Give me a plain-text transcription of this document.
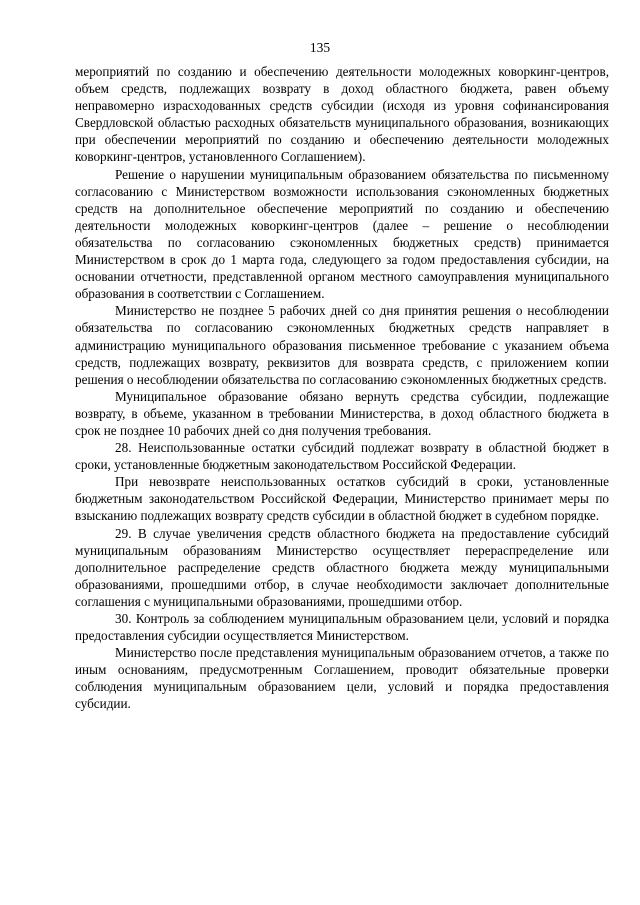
135

мероприятий по созданию и обеспечению деятельности молодежных коворкинг-центров, объем средств, подлежащих возврату в доход областного бюджета, равен объему неправомерно израсходованных средств субсидии (исходя из уровня софинансирования Свердловской областью расходных обязательств муниципального образования, возникающих при обеспечении мероприятий по созданию и обеспечению деятельности молодежных коворкинг-центров, установленного Соглашением).

Решение о нарушении муниципальным образованием обязательства по письменному согласованию с Министерством возможности использования сэкономленных бюджетных средств на дополнительное обеспечение мероприятий по созданию и обеспечению деятельности молодежных коворкинг-центров (далее – решение о несоблюдении обязательства по согласованию сэкономленных бюджетных средств) принимается Министерством в срок до 1 марта года, следующего за годом предоставления субсидии, на основании отчетности, представленной органом местного самоуправления муниципального образования в соответствии с Соглашением.

Министерство не позднее 5 рабочих дней со дня принятия решения о несоблюдении обязательства по согласованию сэкономленных бюджетных средств направляет в администрацию муниципального образования письменное требование с указанием объема средств, подлежащих возврату, реквизитов для возврата средств, с приложением копии решения о несоблюдении обязательства по согласованию сэкономленных бюджетных средств.

Муниципальное образование обязано вернуть средства субсидии, подлежащие возврату, в объеме, указанном в требовании Министерства, в доход областного бюджета в срок не позднее 10 рабочих дней со дня получения требования.

28. Неиспользованные остатки субсидий подлежат возврату в областной бюджет в сроки, установленные бюджетным законодательством Российской Федерации.

При невозврате неиспользованных остатков субсидий в сроки, установленные бюджетным законодательством Российской Федерации, Министерство принимает меры по взысканию подлежащих возврату средств субсидии в областной бюджет в судебном порядке.

29. В случае увеличения средств областного бюджета на предоставление субсидий муниципальным образованиям Министерство осуществляет перераспределение или дополнительное распределение средств областного бюджета между муниципальными образованиями, прошедшими отбор, в случае необходимости заключает дополнительные соглашения с муниципальными образованиями, прошедшими отбор.

30. Контроль за соблюдением муниципальным образованием цели, условий и порядка предоставления субсидии осуществляется Министерством.

Министерство после представления муниципальным образованием отчетов, а также по иным основаниям, предусмотренным Соглашением, проводит обязательные проверки соблюдения муниципальным образованием цели, условий и порядка предоставления субсидии.
